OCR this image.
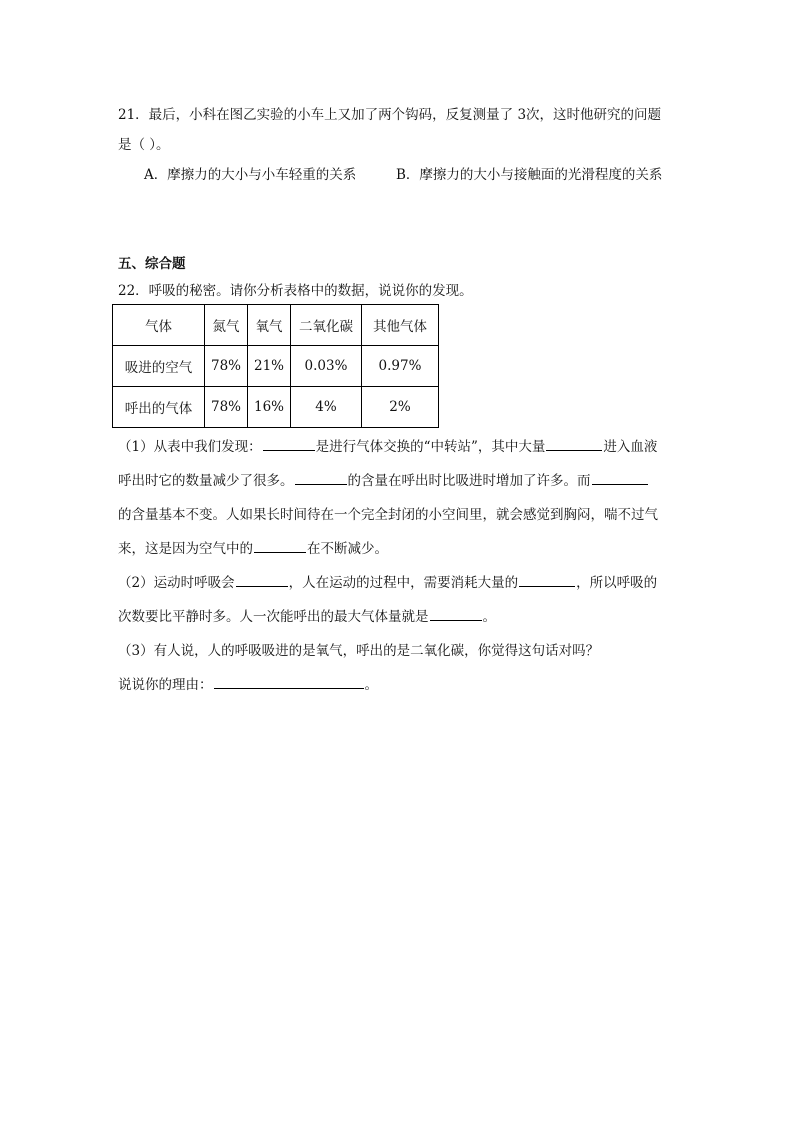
21．最后，小科在图乙实验的小车上又加了两个钩码，反复测量了 3次，这时他研究的问题
是（ ）。
A．摩擦力的大小与小车轻重的关系	B．摩擦力的大小与接触面的光滑程度的关系
五、综合题
22．呼吸的秘密。请你分析表格中的数据，说说你的发现。
气体	氮气	氧气	二氧化碳	其他气体
吸进的空气	78%	21%	0.03%	0.97%
呼出的气体	78%	16%	4%	2%
（1）从表中我们发现：	是进行气体交换的“中转站”，其中大量	进入血液
呼出时它的数量减少了很多。	的含量在呼出时比吸进时增加了许多。而
的含量基本不变。人如果长时间待在一个完全封闭的小空间里，就会感觉到胸闷，喘不过气
来，这是因为空气中的	在不断减少。
（2）运动时呼吸会	，人在运动的过程中，需要消耗大量的	，所以呼吸的
次数要比平静时多。人一次能呼出的最大气体量就是	。
（3）有人说，人的呼吸吸进的是氧气，呼出的是二氧化碳，你觉得这句话对吗？
说说你的理由：	。
